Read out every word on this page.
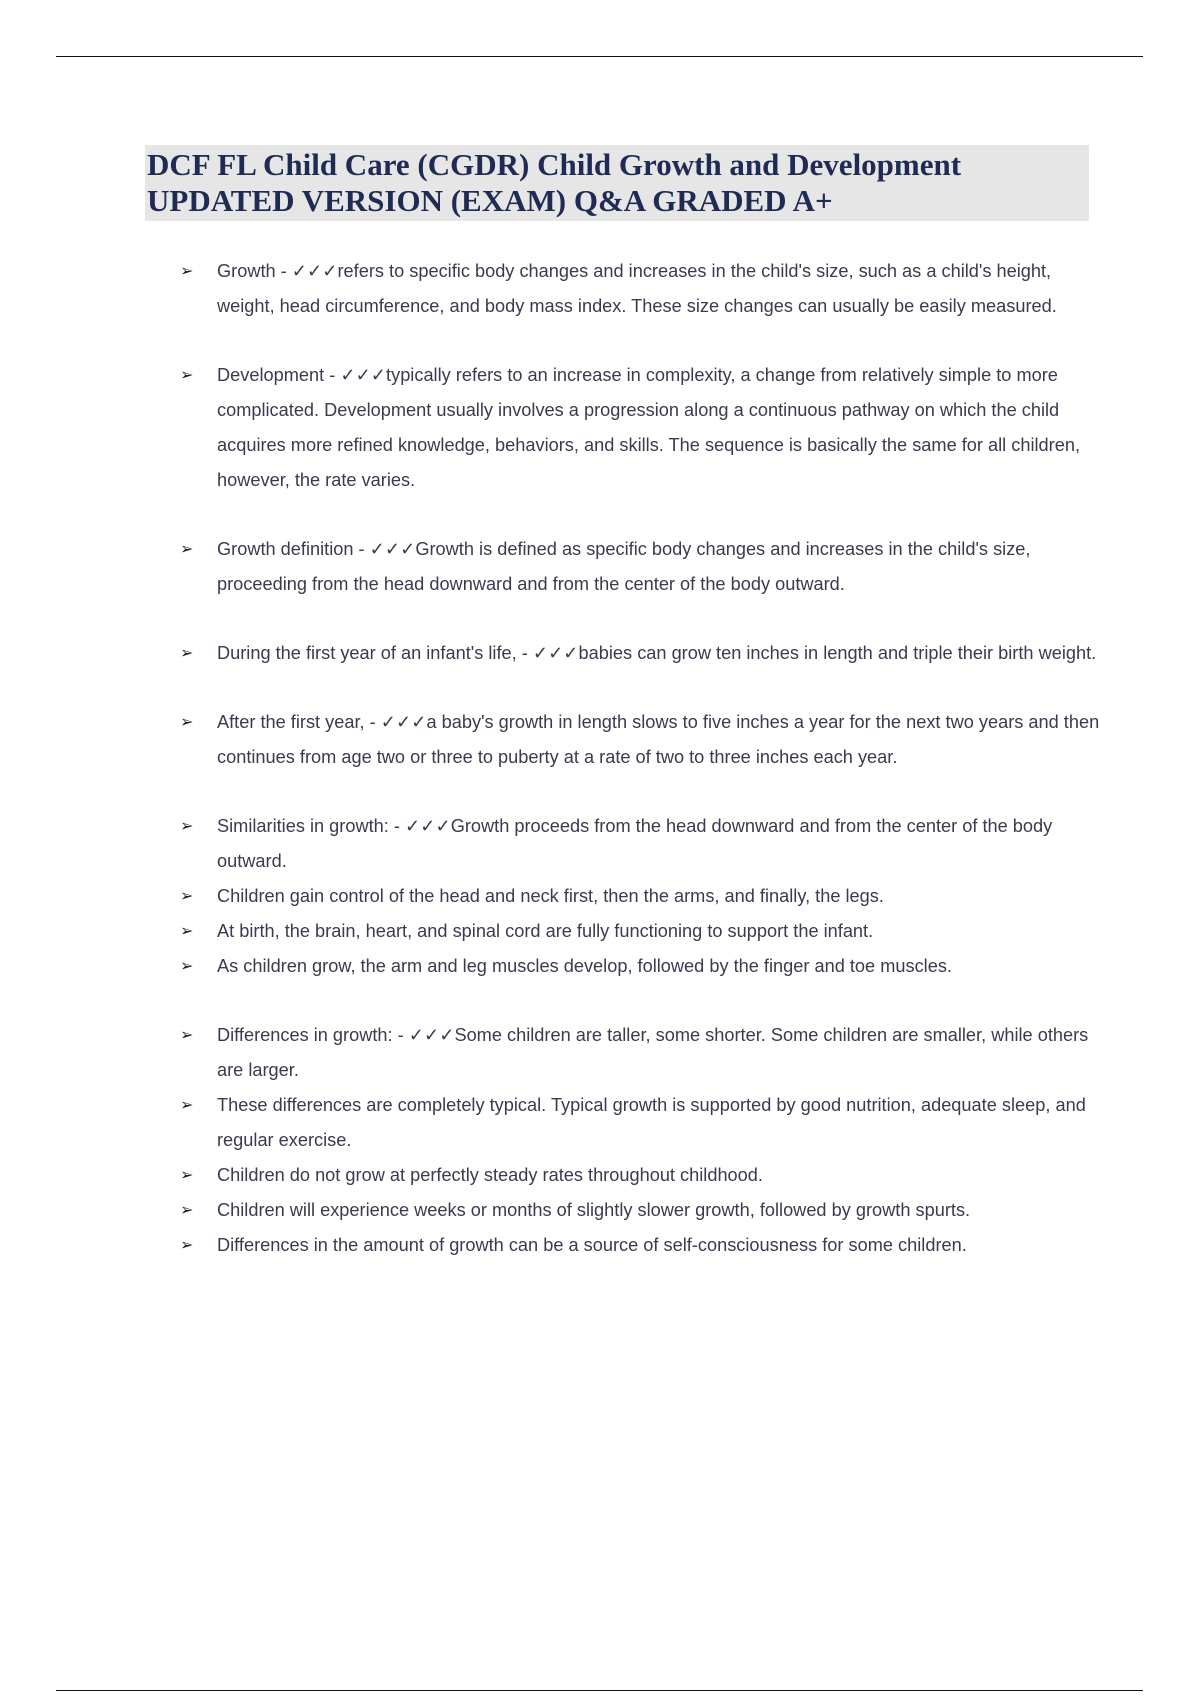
DCF FL Child Care (CGDR) Child Growth and Development
UPDATED VERSION (EXAM) Q&A GRADED A+
➢	Growth - ✓✓✓refers to specific body changes and increases in the child's size, such as a child's height, weight, head circumference, and body mass index. These size changes can usually be easily measured.
➢	Development - ✓✓✓typically refers to an increase in complexity, a change from relatively simple to more complicated. Development usually involves a progression along a continuous pathway on which the child acquires more refined knowledge, behaviors, and skills. The sequence is basically the same for all children, however, the rate varies.
➢	Growth definition - ✓✓✓Growth is defined as specific body changes and increases in the child's size, proceeding from the head downward and from the center of the body outward.
➢	During the first year of an infant's life, - ✓✓✓babies can grow ten inches in length and triple their birth weight.
➢	After the first year, - ✓✓✓a baby's growth in length slows to five inches a year for the next two years and then continues from age two or three to puberty at a rate of two to three inches each year.
➢	Similarities in growth: - ✓✓✓Growth proceeds from the head downward and from the center of the body outward.
➢	Children gain control of the head and neck first, then the arms, and finally, the legs.
➢	At birth, the brain, heart, and spinal cord are fully functioning to support the infant.
➢	As children grow, the arm and leg muscles develop, followed by the finger and toe muscles.
➢	Differences in growth: - ✓✓✓Some children are taller, some shorter. Some children are smaller, while others are larger.
➢	These differences are completely typical. Typical growth is supported by good nutrition, adequate sleep, and regular exercise.
➢	Children do not grow at perfectly steady rates throughout childhood.
➢	Children will experience weeks or months of slightly slower growth, followed by growth spurts.
➢	Differences in the amount of growth can be a source of self-consciousness for some children.
